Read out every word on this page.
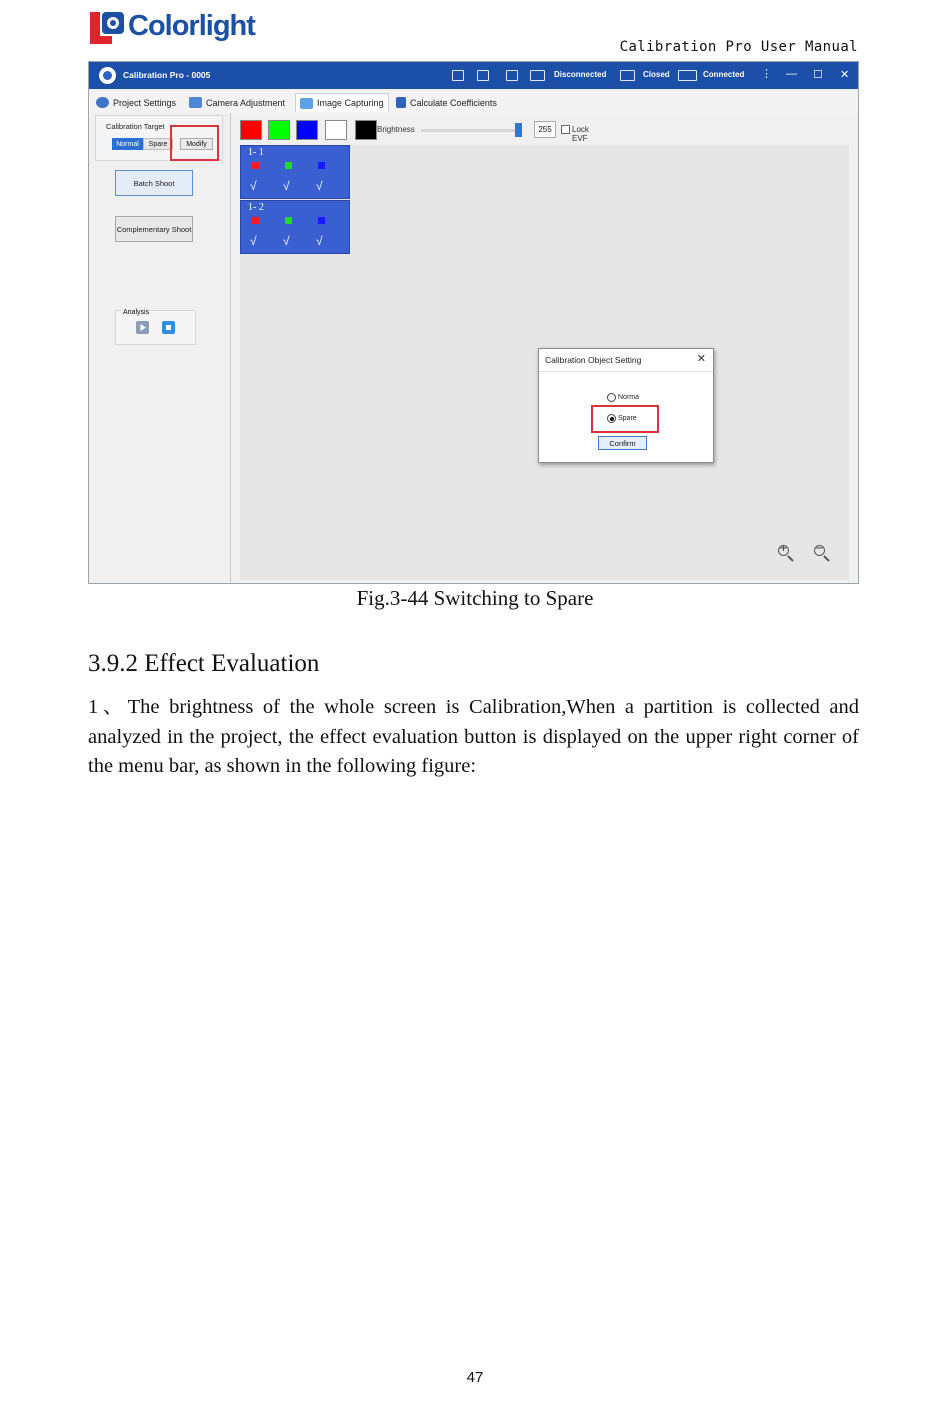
Colorlight
Calibration Pro User Manual
Calibration Pro - 0005	Disconnected	Closed	Connected ⋮ — ☐ ✕
Project Settings	Camera Adjustment	Image Capturing	Calculate Coefficients
Calibration Target
Normal	Spare	Modify
Batch Shoot
Complementary Shoot
Analysis
Brightness	255	Lock EVF
1- 1
√ √ √
1- 2
√ √ √
Calibration Object Setting	✕
Norma
Spare
Confirm
+	−
Fig.3-44 Switching to Spare
3.9.2 Effect Evaluation
1、The brightness of the whole screen is Calibration,When a partition is collected and analyzed in the project, the effect evaluation button is displayed on the upper right corner of the menu bar, as shown in the following figure:
47
